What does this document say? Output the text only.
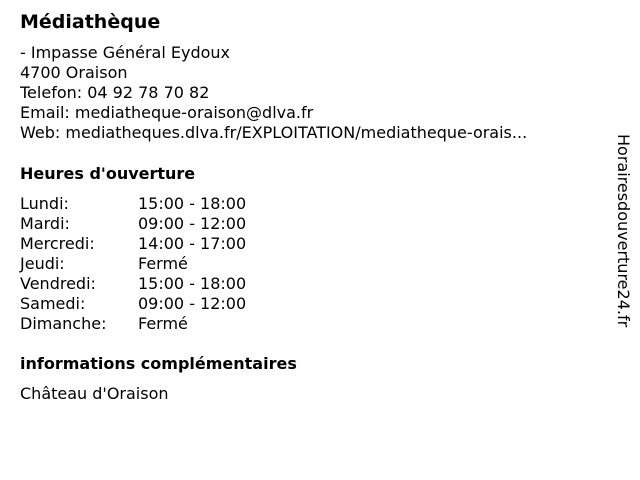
Médiathèque
- Impasse Général Eydoux
4700 Oraison
Telefon: 04 92 78 70 82
Email: mediatheque-oraison@dlva.fr
Web: mediatheques.dlva.fr/EXPLOITATION/mediatheque-orais...
Heures d'ouverture
Lundi:	15:00 - 18:00
Mardi:	09:00 - 12:00
Mercredi:	14:00 - 17:00
Jeudi:	Fermé
Vendredi:	15:00 - 18:00
Samedi:	09:00 - 12:00
Dimanche: Fermé
informations complémentaires
Château d'Oraison
Horairesdouverture24.fr
